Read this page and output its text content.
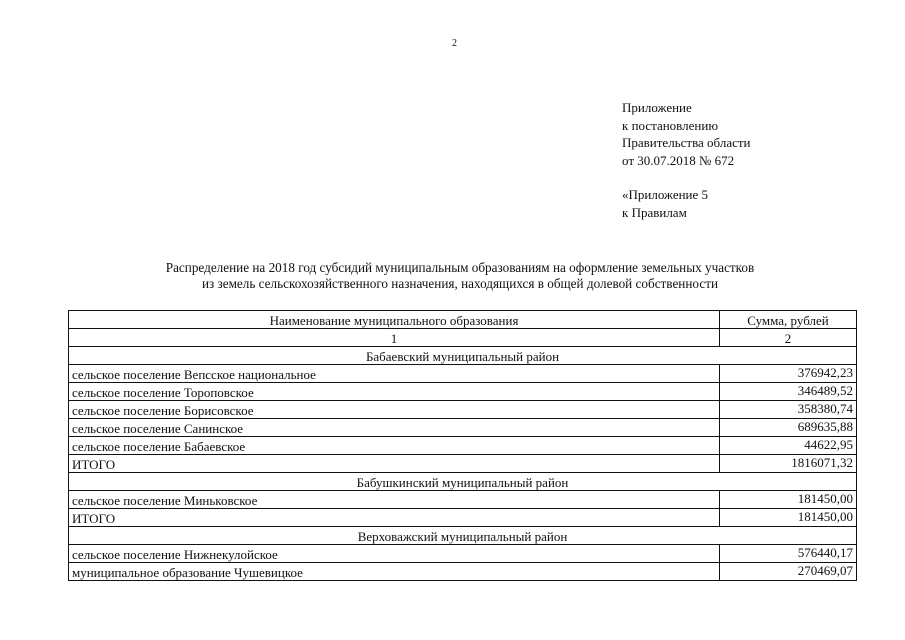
2
Приложение
к постановлению
Правительства области
от 30.07.2018 № 672
«Приложение 5
к Правилам
Распределение на 2018 год субсидий муниципальным образованиям на оформление земельных участков
из земель сельскохозяйственного назначения, находящихся в общей долевой собственности
Наименование муниципального образования	Сумма, рублей
1	2
Бабаевский муниципальный район	
сельское поселение Вепсское национальное	376942,23
сельское поселение Тороповское	346489,52
сельское поселение Борисовское	358380,74
сельское поселение Санинское	689635,88
сельское поселение Бабаевское	44622,95
ИТОГО	1816071,32
Бабушкинский муниципальный район	
сельское поселение Миньковское	181450,00
ИТОГО	181450,00
Верховажский муниципальный район	
сельское поселение Нижнекулойское	576440,17
муниципальное образование Чушевицкое	270469,07
